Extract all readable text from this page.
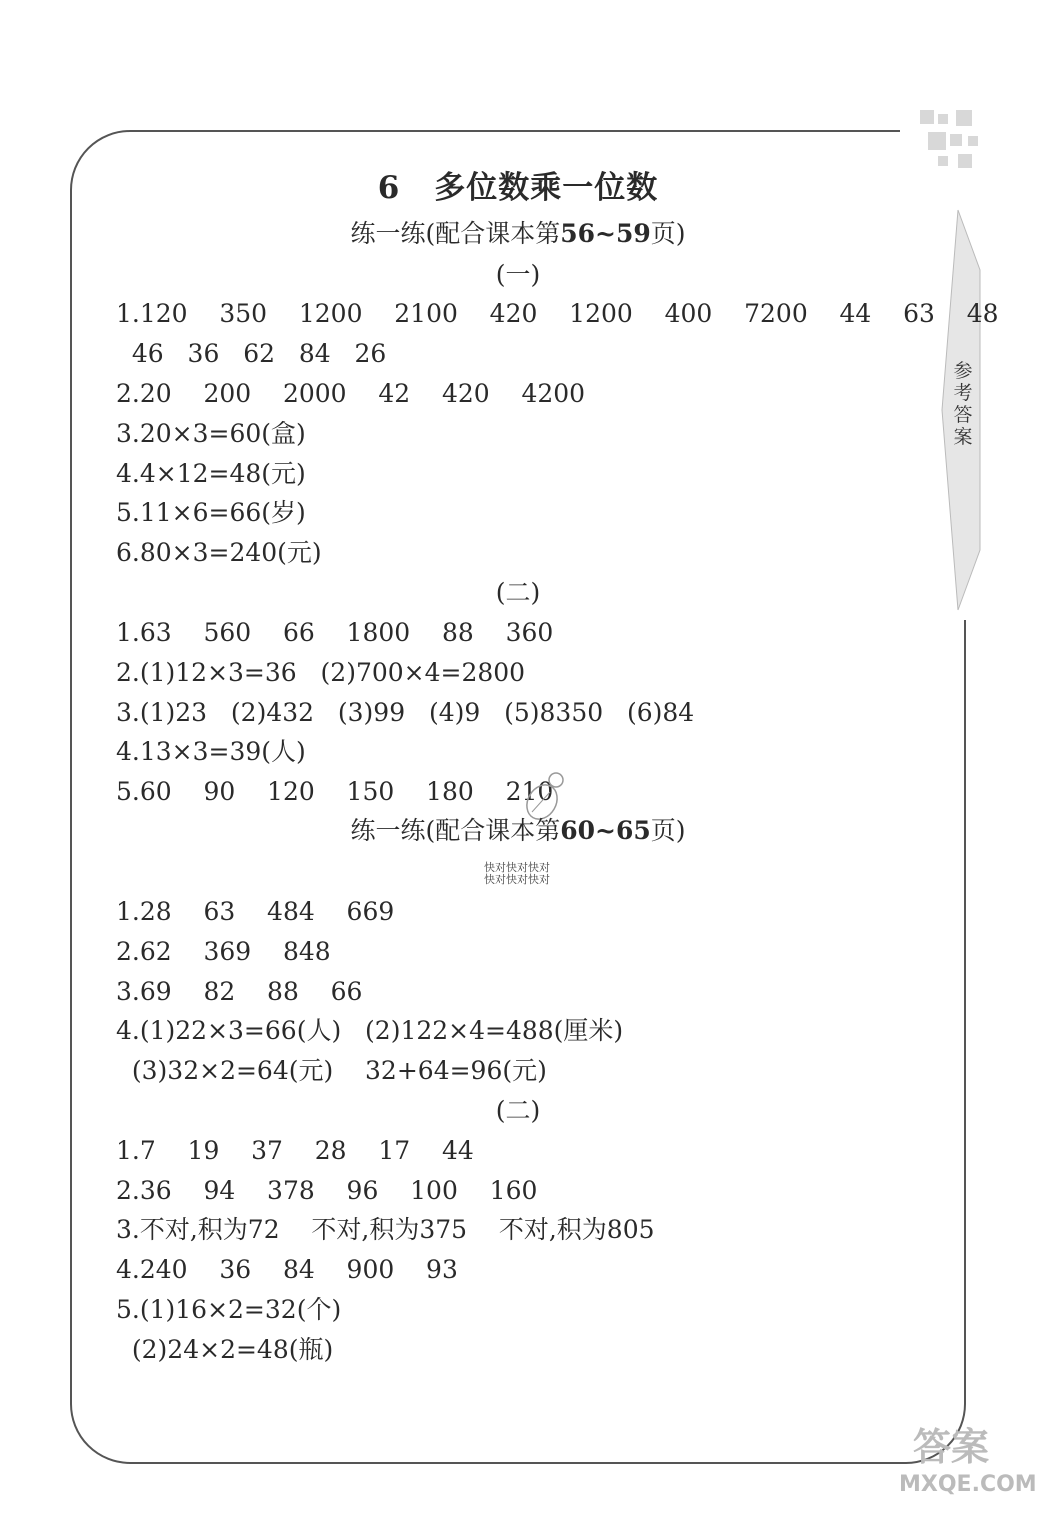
参考答案
6 多位数乘一位数
练一练(配合课本第56~59页)
(一)
1.120    350    1200    2100    420    1200    400    7200    44    63    48
46   36   62   84   26
2.20    200    2000    42    420    4200
3.20×3=60(盒)
4.4×12=48(元)
5.11×6=66(岁)
6.80×3=240(元)
(二)
1.63    560    66    1800    88    360
2.(1)12×3=36   (2)700×4=2800
3.(1)23   (2)432   (3)99   (4)9   (5)8350   (6)84
4.13×3=39(人)
5.60    90    120    150    180    210
练一练(配合课本第60~65页)
快对快对快对
快对快对快对
1.28    63    484    669
2.62    369    848
3.69    82    88    66
4.(1)22×3=66(人)   (2)122×4=488(厘米)
(3)32×2=64(元)    32+64=96(元)
(二)
1.7    19    37    28    17    44
2.36    94    378    96    100    160
3.不对,积为72    不对,积为375    不对,积为805
4.240    36    84    900    93
5.(1)16×2=32(个)
(2)24×2=48(瓶)
答案
MXQE.COM
